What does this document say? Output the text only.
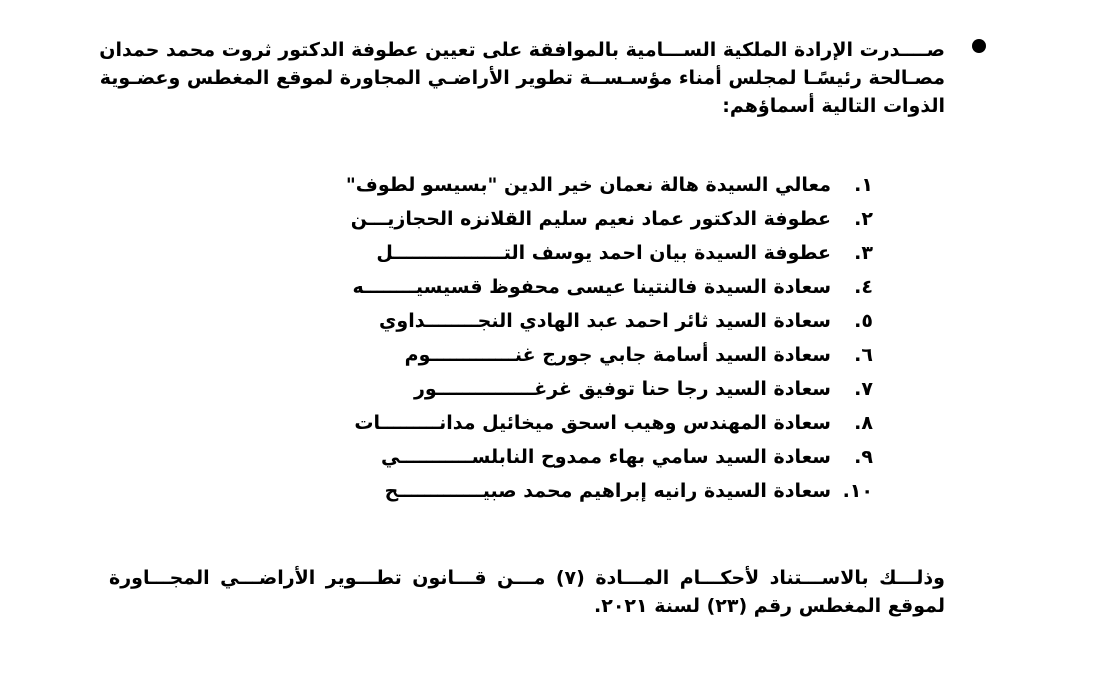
صــــدرت الإرادة الملكية الســـامية بالموافقة على تعيين عطوفة الدكتور ثروت محمد حمدان
مصـالحة رئيسًـا لمجلس أمناء مؤسـســة تطوير الأراضـي المجاورة لموقع المغطس وعضـوية
الذوات التالية أسماؤهم:
١.
معالي السيدة هالة نعمان خير الدين "بسيسو لطوف"
٢.
عطوفة الدكتور عماد نعيم سليم القلانزه الحجازيـــن
٣.
عطوفة السيدة بيان احمد يوسف التـــــــــــــــــل
٤.
سعادة السيدة فالنتينا عيسى محفوظ قسيسيــــــــه
٥.
سعادة السيد ثائر احمد عبد الهادي النجــــــــداوي
٦.
سعادة السيد أسامة جابي جورج غنـــــــــــــوم
٧.
سعادة السيد رجا حنا توفيق غرغـــــــــــــــور
٨.
سعادة المهندس وهيب اسحق ميخائيل مدانـــــــــات
٩.
سعادة السيد سامي بهاء ممدوح النابلســـــــــــي
١٠.
سعادة السيدة رانيه إبراهيم محمد صبيـــــــــــــح
وذلـــك بالاســـتناد لأحكـــام المـــادة (٧) مـــن قـــانون تطـــوير الأراضـــي المجـــاورة
لموقع المغطس رقم (٢٣) لسنة ٢٠٢١.
